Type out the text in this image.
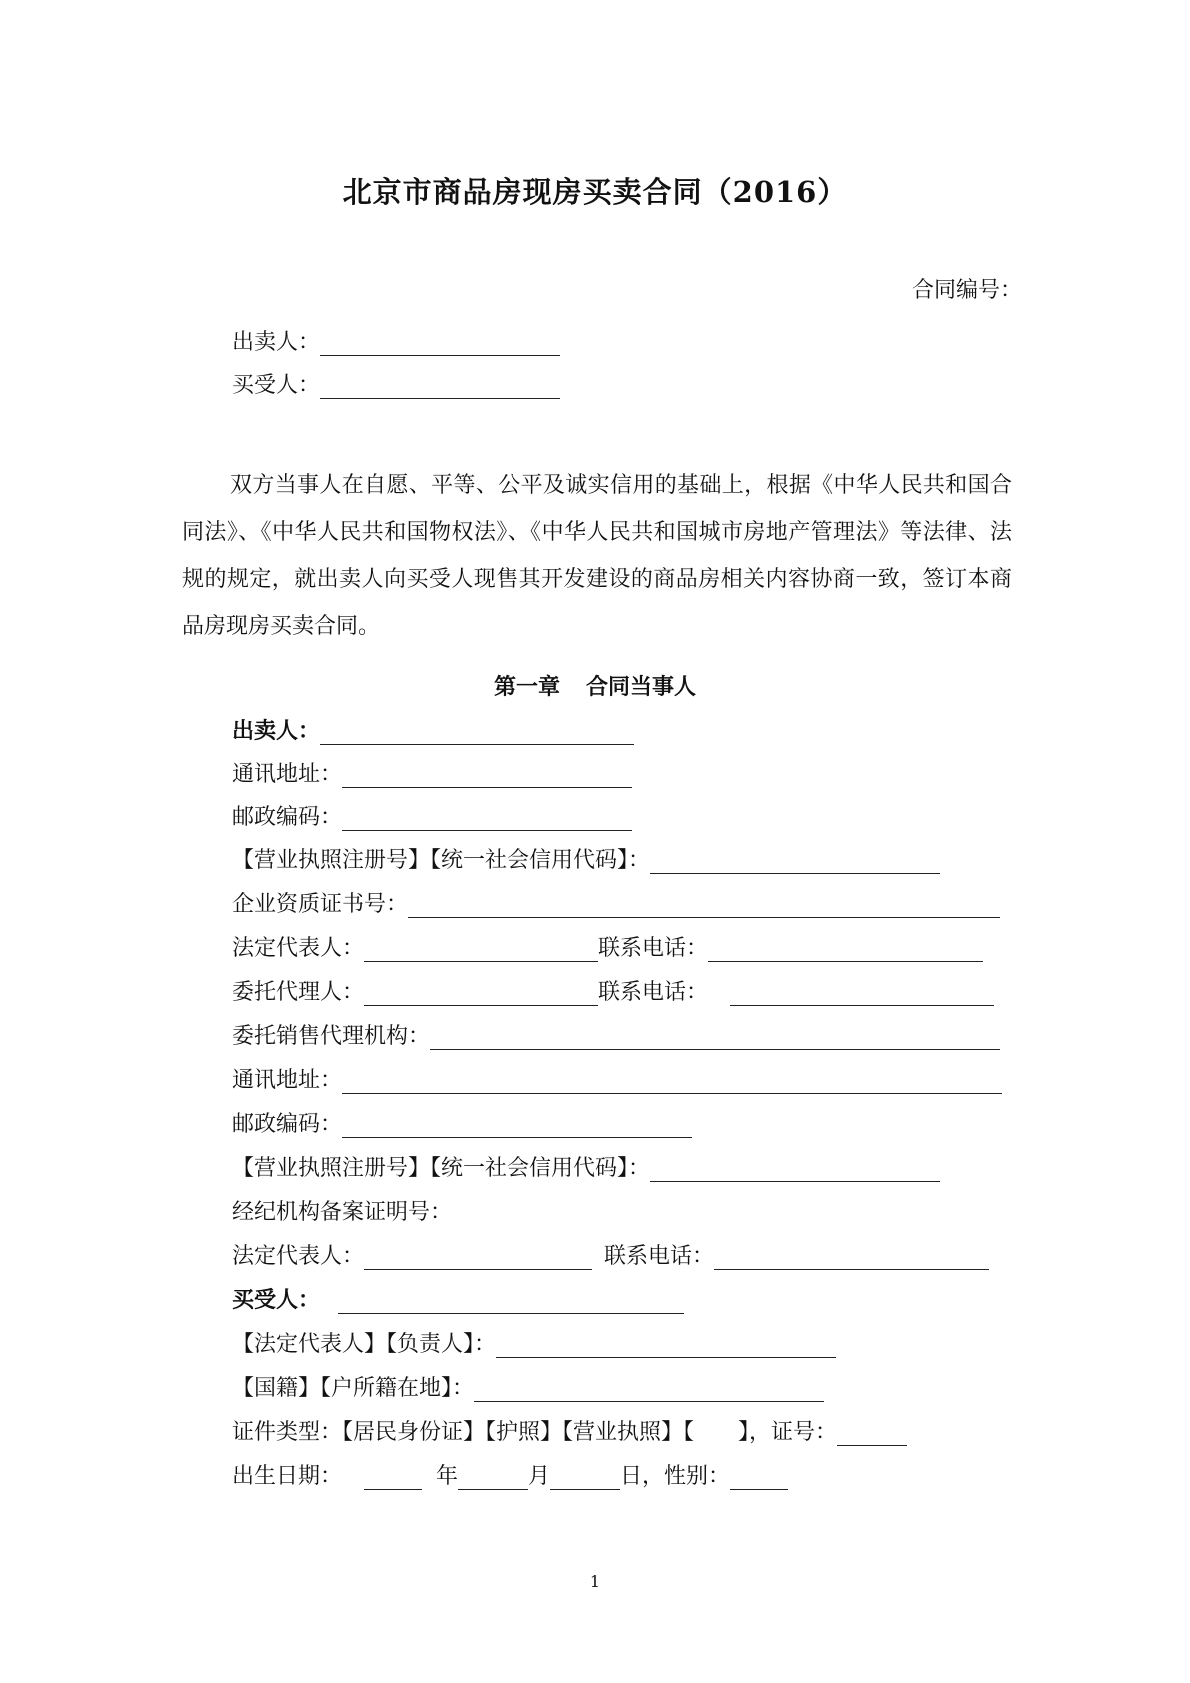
北京市商品房现房买卖合同（2016）
合同编号：
出卖人：
买受人：
双方当事人在自愿、平等、公平及诚实信用的基础上，根据《中华人民共和国合同法》、《中华人民共和国物权法》、《中华人民共和国城市房地产管理法》等法律、法规的规定，就出卖人向买受人现售其开发建设的商品房相关内容协商一致，签订本商品房现房买卖合同。
第一章 合同当事人
出卖人：
通讯地址：
邮政编码：
【营业执照注册号】【统一社会信用代码】：
企业资质证书号：
法定代表人：	联系电话：
委托代理人：	联系电话：
委托销售代理机构：
通讯地址：
邮政编码：
【营业执照注册号】【统一社会信用代码】：
经纪机构备案证明号：
法定代表人：	联系电话：
买受人：
【法定代表人】【负责人】：
【国籍】【户所籍在地】：
证件类型：【居民身份证】【护照】【营业执照】【　　】，证号：
出生日期：	年	月	日，性别：
1
